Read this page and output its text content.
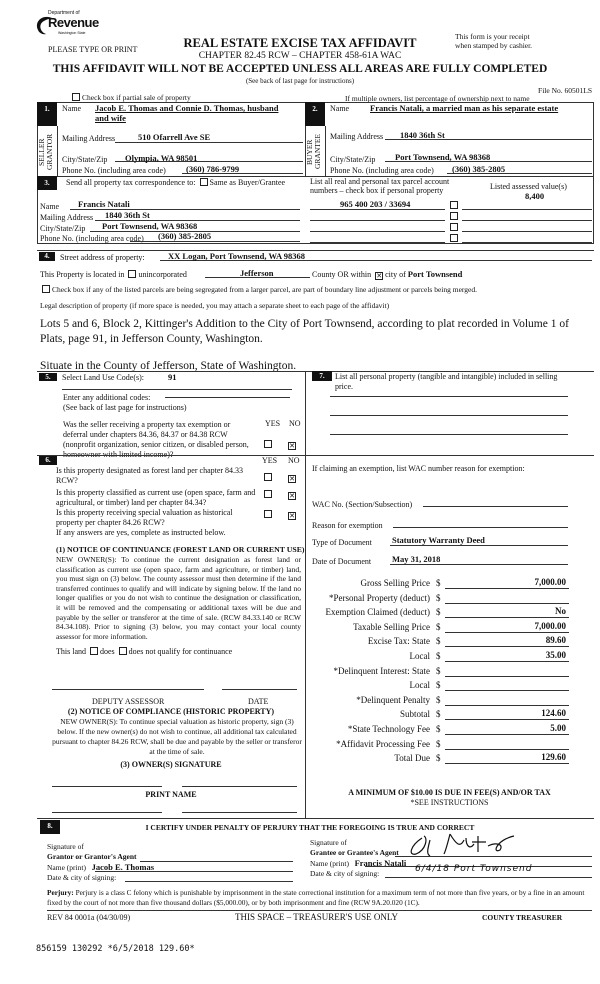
Department of
Revenue
Washington State
PLEASE TYPE OR PRINT	REAL ESTATE EXCISE TAX AFFIDAVIT
CHAPTER 82.45 RCW – CHAPTER 458-61A WAC
This form is your receipt
when stamped by cashier.
THIS AFFIDAVIT WILL NOT BE ACCEPTED UNLESS ALL AREAS ARE FULLY COMPLETED
(See back of last page for instructions)
File No. 60501LS
Check box if partial sale of property	If multiple owners, list percentage of ownership next to name
1.
SELLER
GRANTOR
Name Jacob E. Thomas and Connie D. Thomas, husband
and wife
Mailing Address	510 Ofarrell Ave SE
City/State/Zip Olympia, WA 98501
Phone No. (including area code) (360) 786-9799
2.
BUYER
GRANTEE
Name Francis Natali, a married man as his separate estate
Mailing Address 1840 36th St
City/State/Zip Port Townsend, WA 98368
Phone No. (including area code) (360) 385-2805
3.	Send all property tax correspondence to: Same as Buyer/Grantee
Name Francis Natali
Mailing Address 1840 36th St
City/State/Zip Port Townsend, WA 98368
Phone No. (including area code) (360) 385-2805
List all real and personal tax parcel account
numbers – check box if personal property	Listed assessed value(s)
965 400 203 / 33694
8,400

4.	Street address of property:	XX Logan, Port Townsend, WA 98368
This Property is located in unincorporated	Jefferson	County OR within ✕ city of Port Townsend
Check box if any of the listed parcels are being segregated from a larger parcel, are part of boundary line adjustment or parcels being merged.
Legal description of property (if more space is needed, you may attach a separate sheet to each page of the affidavit)
Lots 5 and 6, Block 2, Kittinger's Addition to the City of Port Townsend, according to plat recorded in Volume 1 of
Plats, page 91, in Jefferson County, Washington.
Situate in the County of Jefferson, State of Washington.
5.	Select Land Use Code(s):	91
Enter any additional codes:
(See back of last page for instructions)
YES NO
Was the seller receiving a property tax exemption or
deferral under chapters 84.36, 84.37 or 84.38 RCW
(nonprofit organization, senior citizen, or disabled person,
homeowner with limited income)?
✕
6.	YES NO
Is this property designated as forest land per chapter 84.33
RCW?	✕
Is this property classified as current use (open space, farm and
agricultural, or timber) land per chapter 84.34?
✕
Is this property receiving special valuation as historical
property per chapter 84.26 RCW?
If any answers are yes, complete as instructed below.
✕
(1) NOTICE OF CONTINUANCE (FOREST LAND OR CURRENT USE)
NEW OWNER(S): To continue the current designation as forest land or classification as current use (open space, farm and agriculture, or timber) land, you must sign on (3) below. The county assessor must then determine if the land transferred continues to qualify and will indicate by signing below. If the land no longer qualifies or you do not wish to continue the designation or classification, it will be removed and the compensating or additional taxes will be due and payable by the seller or transferor at the time of sale. (RCW 84.33.140 or RCW 84.34.108). Prior to signing (3) below, you may contact your local county assessor for more information.
This land does does not qualify for continuance
DEPUTY ASSESSOR	DATE
(2) NOTICE OF COMPLIANCE (HISTORIC PROPERTY)
NEW OWNER(S): To continue special valuation as historic property, sign (3) below. If the new owner(s) do not wish to continue, all additional tax calculated pursuant to chapter 84.26 RCW, shall be due and payable by the seller or transferor at the time of sale.
(3) OWNER(S) SIGNATURE
PRINT NAME
7.	List all personal property (tangible and intangible) included in selling
price.
If claiming an exemption, list WAC number reason for exemption:
WAC No. (Section/Subsection)
Reason for exemption
Type of Document Statutory Warranty Deed
Date of Document May 31, 2018
Gross Selling Price $	7,000.00
*Personal Property (deduct) $
Exemption Claimed (deduct) $	No
Taxable Selling Price $	7,000.00
Excise Tax: State $	89.60
Local $	35.00
*Delinquent Interest: State $
Local $
*Delinquent Penalty $
Subtotal $	124.60
*State Technology Fee $	5.00
*Affidavit Processing Fee $
Total Due $	129.60
A MINIMUM OF $10.00 IS DUE IN FEE(S) AND/OR TAX
*SEE INSTRUCTIONS
8.	I CERTIFY UNDER PENALTY OF PERJURY THAT THE FOREGOING IS TRUE AND CORRECT
Signature of
Grantor or Grantor's Agent
Name (print) Jacob E. Thomas
Date & city of signing:
Signature of
Grantee or Grantee's Agent
Name (print) Francis Natali
Date & city of signing:	6/4/18 Port Townsend
Perjury: Perjury is a class C felony which is punishable by imprisonment in the state correctional institution for a maximum term of not more than five years, or by a fine in an amount fixed by the court of not more than five thousand dollars ($5,000.00), or by both imprisonment and fine (RCW 9A.20.020 (1C).
REV 84 0001a (04/30/09)	THIS SPACE – TREASURER'S USE ONLY	COUNTY TREASURER
856159 130292 *6/5/2018 129.60*
